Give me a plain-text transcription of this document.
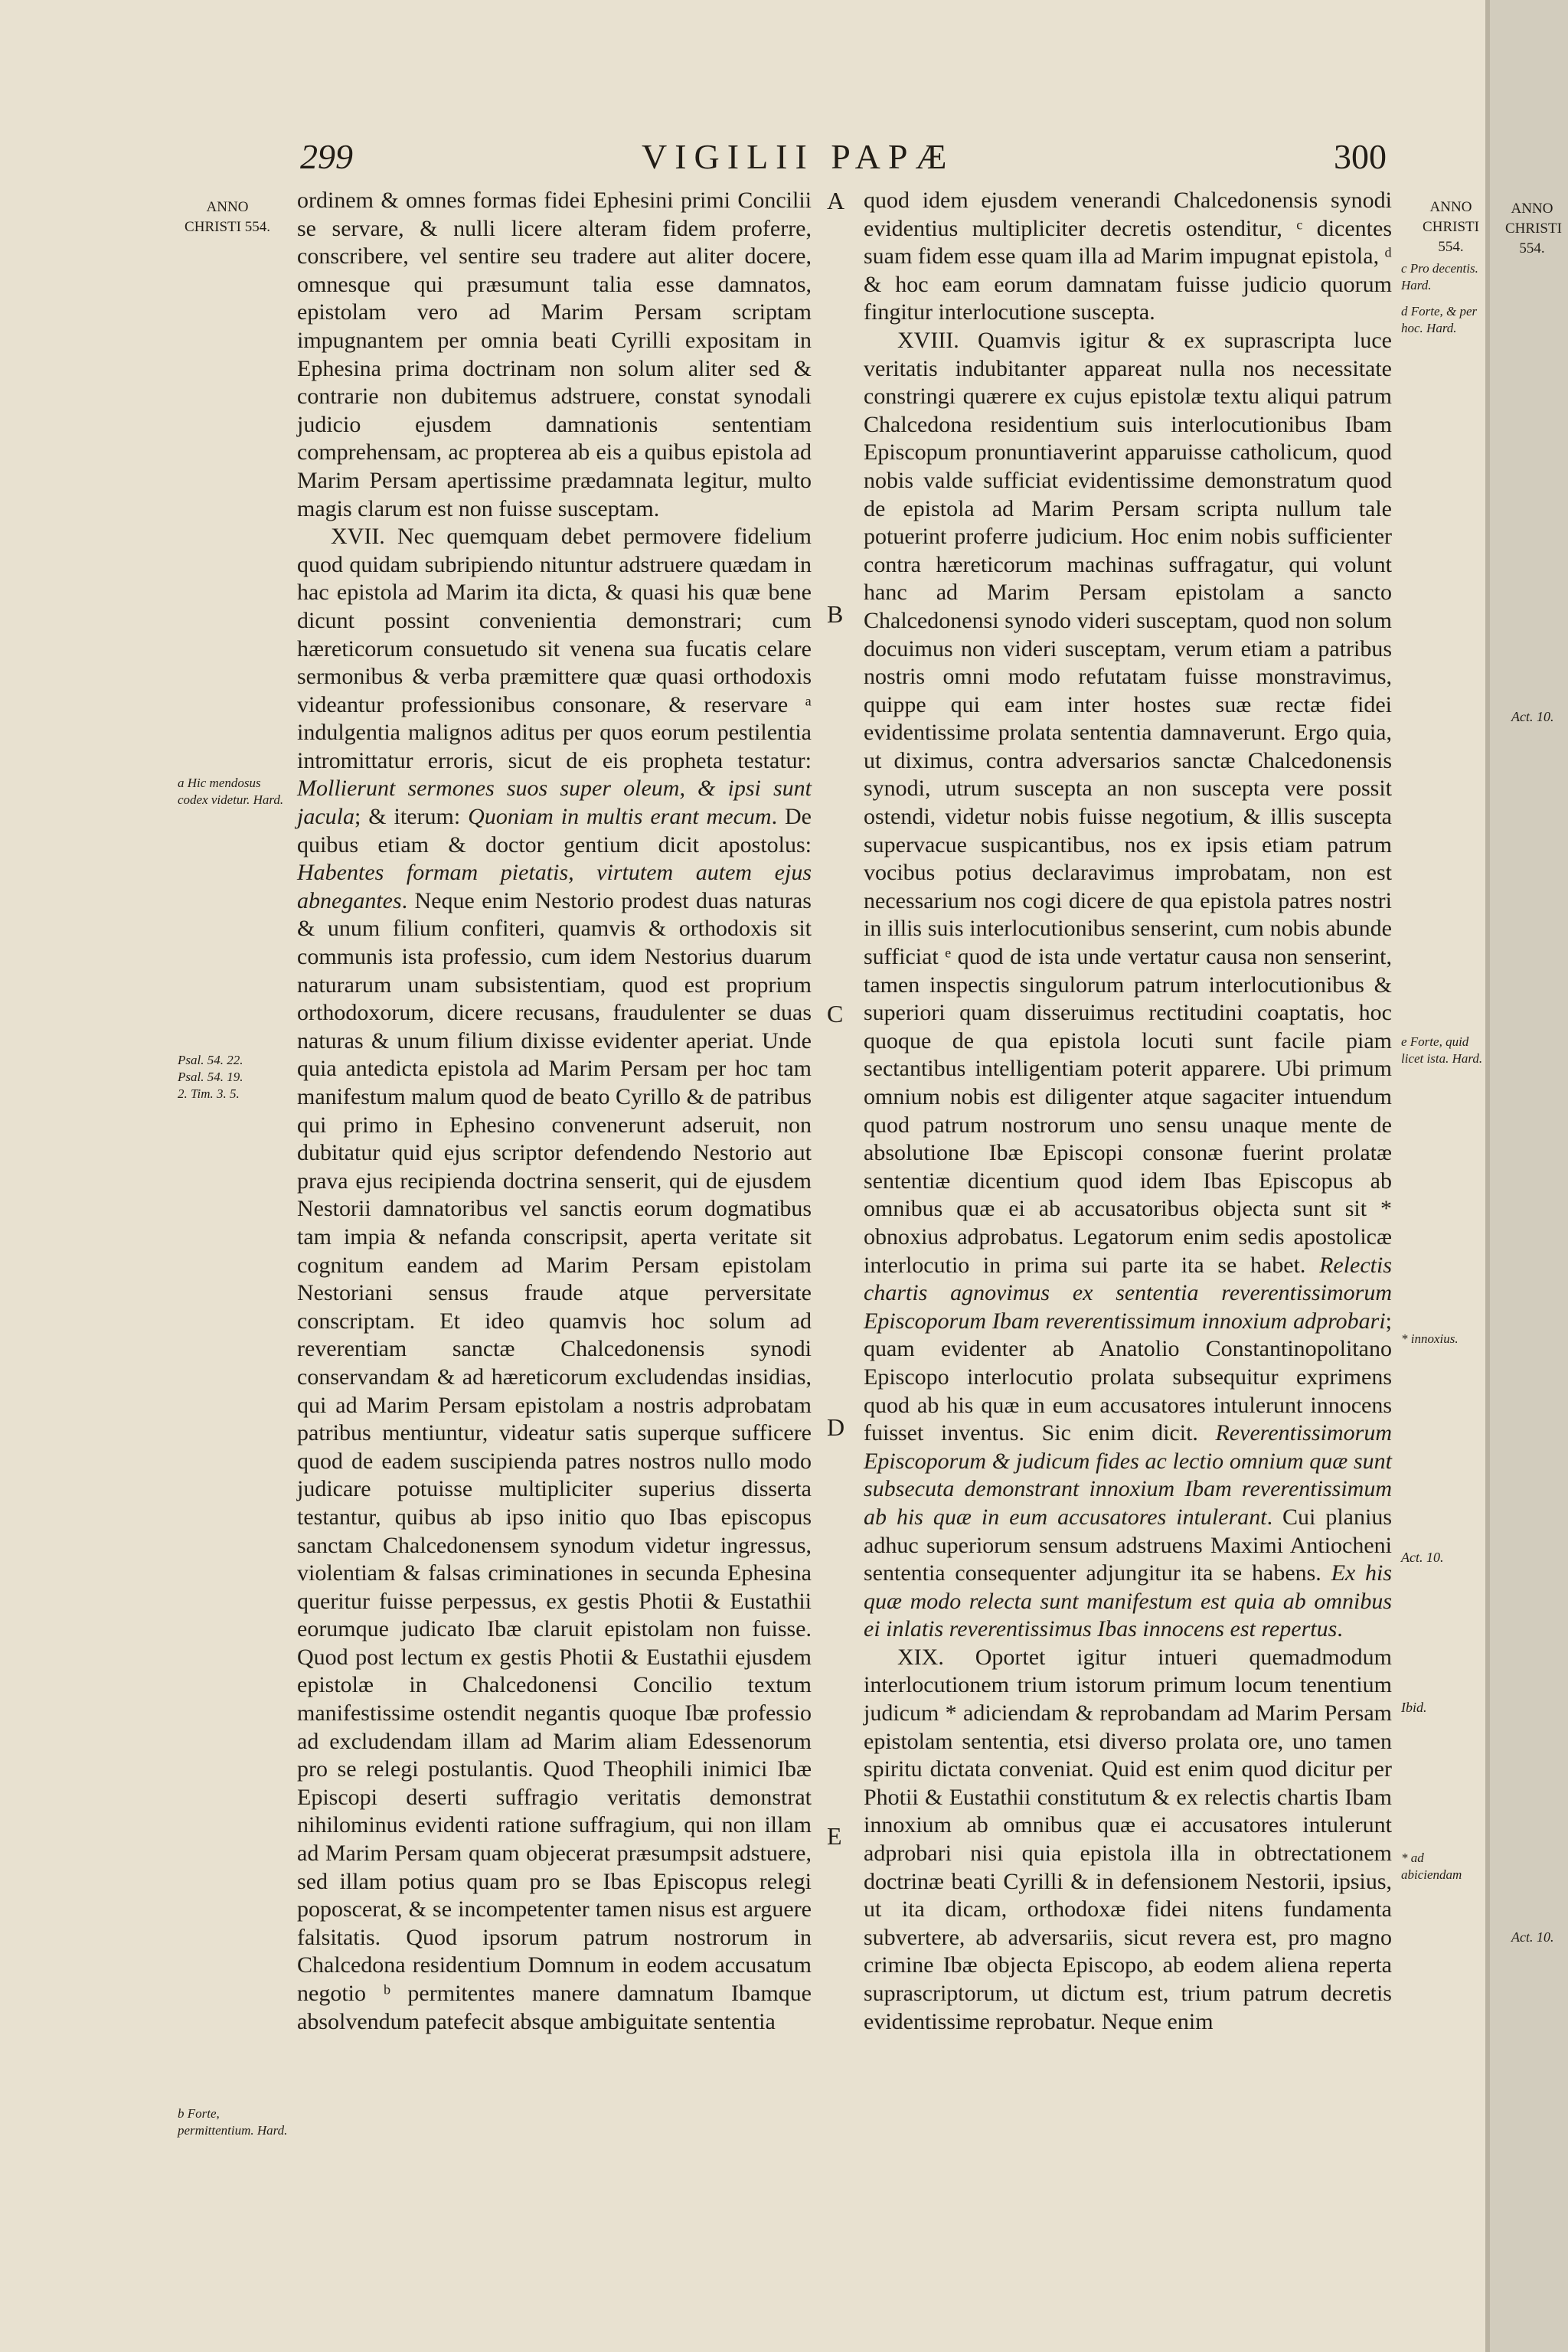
299	VIGILII PAPÆ	300
ANNO CHRISTI 554.
ANNO CHRISTI 554.

ordinem & omnes formas fidei Ephesini primi Concilii se servare, & nulli licere alteram fidem proferre, conscribere, vel sentire seu tradere aut aliter docere, omnesque qui præsumunt talia esse damnatos, epistolam vero ad Marim Persam scriptam impugnantem per omnia beati Cyrilli expositam in Ephesina prima doctrinam non solum aliter sed & contrarie non dubitemus adstruere, constat synodali judicio ejusdem damnationis sententiam comprehensam, ac propterea ab eis a quibus epistola ad Marim Persam apertissime prædamnata legitur, multo magis clarum est non fuisse susceptam.

XVII. Nec quemquam debet permovere fidelium quod quidam subripiendo nituntur adstruere quædam in hac epistola ad Marim ita dicta, & quasi his quæ bene dicunt possint convenientia demonstrari; cum hæreticorum consuetudo sit venena sua fucatis celare sermonibus & verba præmittere quæ quasi orthodoxis videantur professionibus consonare, & reservare ᵃ indulgentia malignos aditus per quos eorum pestilentia intromittatur erroris, sicut de eis propheta testatur: Mollierunt sermones suos super oleum, & ipsi sunt jacula; & iterum: Quoniam in multis erant mecum. De quibus etiam & doctor gentium dicit apostolus: Habentes formam pietatis, virtutem autem ejus abnegantes. Neque enim Nestorio prodest duas naturas & unum filium confiteri, quamvis & orthodoxis sit communis ista professio, cum idem Nestorius duarum naturarum unam subsistentiam, quod est proprium orthodoxorum, dicere recusans, fraudulenter se duas naturas & unum filium dixisse evidenter aperiat. Unde quia antedicta epistola ad Marim Persam per hoc tam manifestum malum quod de beato Cyrillo & de patribus qui primo in Ephesino convenerunt adseruit, non dubitatur quid ejus scriptor defendendo Nestorio aut prava ejus recipienda doctrina senserit, qui de ejusdem Nestorii damnatoribus vel sanctis eorum dogmatibus tam impia & nefanda conscripsit, aperta veritate sit cognitum eandem ad Marim Persam epistolam Nestoriani sensus fraude atque perversitate conscriptam. Et ideo quamvis hoc solum ad reverentiam sanctæ Chalcedonensis synodi conservandam & ad hæreticorum excludendas insidias, qui ad Marim Persam epistolam a nostris adprobatam patribus mentiuntur, videatur satis superque sufficere quod de eadem suscipienda patres nostros nullo modo judicare potuisse multipliciter superius disserta testantur, quibus ab ipso initio quo Ibas episcopus sanctam Chalcedonensem synodum videtur ingressus, violentiam & falsas criminationes in secunda Ephesina queritur fuisse perpessus, ex gestis Photii & Eustathii eorumque judicato Ibæ claruit epistolam non fuisse. Quod post lectum ex gestis Photii & Eustathii ejusdem epistolæ in Chalcedonensi Concilio textum manifestissime ostendit negantis quoque Ibæ professio ad excludendam illam ad Marim aliam Edessenorum pro se relegi postulantis. Quod Theophili inimici Ibæ Episcopi deserti suffragio veritatis demonstrat nihilominus evidenti ratione suffragium, qui non illam ad Marim Persam quam objecerat præsumpsit adstuere, sed illam potius quam pro se Ibas Episcopus relegi poposcerat, & se incompetenter tamen nisus est arguere falsitatis. Quod ipsorum patrum nostrorum in Chalcedona residentium Domnum in eodem accusatum negotio ᵇ permitentes manere damnatum Ibamque absolvendum patefecit absque ambiguitate sententia

quod idem ejusdem venerandi Chalcedonensis synodi evidentius multipliciter decretis ostenditur, ᶜ dicentes suam fidem esse quam illa ad Marim impugnat epistola, ᵈ & hoc eam eorum damnatam fuisse judicio quorum fingitur interlocutione suscepta.

XVIII. Quamvis igitur & ex suprascripta luce veritatis indubitanter appareat nulla nos necessitate constringi quærere ex cujus epistolæ textu aliqui patrum Chalcedona residentium suis interlocutionibus Ibam Episcopum pronuntiaverint apparuisse catholicum, quod nobis valde sufficiat evidentissime demonstratum quod de epistola ad Marim Persam scripta nullum tale potuerint proferre judicium. Hoc enim nobis sufficienter contra hæreticorum machinas suffragatur, qui volunt hanc ad Marim Persam epistolam a sancto Chalcedonensi synodo videri susceptam, quod non solum docuimus non videri susceptam, verum etiam a patribus nostris omni modo refutatam fuisse monstravimus, quippe qui eam inter hostes suæ rectæ fidei evidentissime prolata sententia damnaverunt. Ergo quia, ut diximus, contra adversarios sanctæ Chalcedonensis synodi, utrum suscepta an non suscepta vere possit ostendi, videtur nobis fuisse negotium, & illis suscepta supervacue suspicantibus, nos ex ipsis etiam patrum vocibus potius declaravimus improbatam, non est necessarium nos cogi dicere de qua epistola patres nostri in illis suis interlocutionibus senserint, cum nobis abunde sufficiat ᵉ quod de ista unde vertatur causa non senserint, tamen inspectis singulorum patrum interlocutionibus & superiori quam disseruimus rectitudini coaptatis, hoc quoque de qua epistola locuti sunt facile piam sectantibus intelligentiam poterit apparere. Ubi primum omnium nobis est diligenter atque sagaciter intuendum quod patrum nostrorum uno sensu unaque mente de absolutione Ibæ Episcopi consonæ fuerint prolatæ sententiæ dicentium quod idem Ibas Episcopus ab omnibus quæ ei ab accusatoribus objecta sunt sit * obnoxius adprobatus. Legatorum enim sedis apostolicæ interlocutio in prima sui parte ita se habet. Relectis chartis agnovimus ex sententia reverentissimorum Episcoporum Ibam reverentissimum innoxium adprobari; quam evidenter ab Anatolio Constantinopolitano Episcopo interlocutio prolata subsequitur exprimens quod ab his quæ in eum accusatores intulerunt innocens fuisset inventus. Sic enim dicit. Reverentissimorum Episcoporum & judicum fides ac lectio omnium quæ sunt subsecuta demonstrant innoxium Ibam reverentissimum ab his quæ in eum accusatores intulerant. Cui planius adhuc superiorum sensum adstruens Maximi Antiocheni sententia consequenter adjungitur ita se habens. Ex his quæ modo relecta sunt manifestum est quia ab omnibus ei inlatis reverentissimus Ibas innocens est repertus.

XIX. Oportet igitur intueri quemadmodum interlocutionem trium istorum primum locum tenentium judicum * adiciendam & reprobandam ad Marim Persam epistolam sententia, etsi diverso prolata ore, uno tamen spiritu dictata conveniat. Quid est enim quod dicitur per Photii & Eustathii constitutum & ex relectis chartis Ibam innoxium ab omnibus quæ ei accusatores intulerunt adprobari nisi quia epistola illa in obtrectationem doctrinæ beati Cyrilli & in defensionem Nestorii, ipsius, ut ita dicam, orthodoxæ fidei nitens fundamenta subvertere, ab adversariis, sicut revera est, pro magno crimine Ibæ objecta Episcopo, ab eodem aliena reperta suprascriptorum, ut dictum est, trium patrum decretis evidentissime reprobatur. Neque enim

A
B
C
D
E
a Hic mendosus codex videtur. Hard.
Psal. 54. 22.
Psal. 54. 19.
2. Tim. 3. 5.
b Forte, permittentium. Hard.
c Pro decentis. Hard.
d Forte, & per hoc. Hard.
e Forte, quid licet ista. Hard.
* innoxius.
* ad abiciendam
Act. 10.
Ibid.
ANNO CHRISTI 554.
Act. 10.
Act. 10.
